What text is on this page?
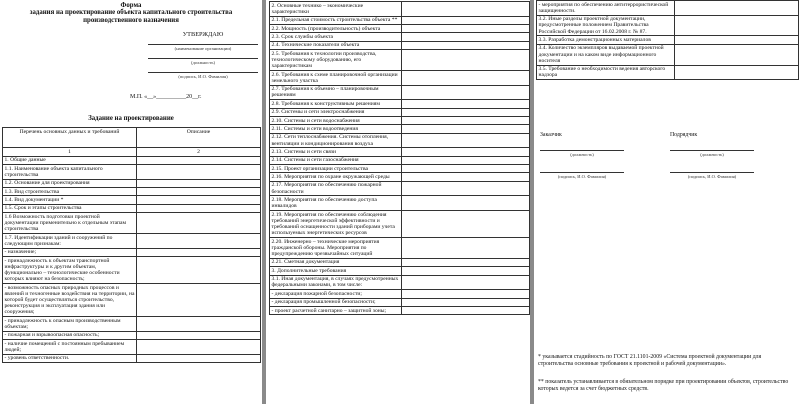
Форма
задания на проектирование объекта капитального строительства
производственного назначения
УТВЕРЖДАЮ
(наименование организации)
(должность)
(подпись, И.О. Фамилия)
М.П. «__»__________20__г.
Задание на проектирование
Перечень основных данных и требований	Описание
1	2
1. Общие данные	
1.1. Наименование объекта капитального строительства	
1.2. Основание для проектирования	
1.3. Вид строительства	
1.4. Вид документации *	
1.5. Срок и этапы строительства	
1.6 Возможность подготовки проектной документации применительно к отдельным этапам строительства	
1.7. Идентификации зданий и сооружений по следующим признакам:	
- назначение;	
- принадлежность к объектам транспортной инфраструктуры и к другим объектам, функционально – технологические особенности которых влияют на безопасность;	
- возможность опасных природных процессов и явлений и техногенные воздействия на территории, на которой будет осуществляться строительство, реконструкция и эксплуатация здания или сооружения;	
- принадлежность к опасным производственным объектам;	
- пожарная и взрывоопасная опасность;	
- наличие помещений с постоянным пребыванием людей;	
- уровень ответственности.	
2. Основные технико – экономические характеристики	
2.1. Предельная стоимость строительства объекта **	
2.2. Мощность (производительность) объекта	
2.3. Срок службы объекта	
2.4. Технические показатели объекта	
2.5. Требования к технологии производства, технологическому оборудованию, его характеристикам	
2.6. Требования к схеме планировочной организации земельного участка	
2.7. Требования к объемно – планировочным решениям	
2.8. Требования к конструктивным решениям	
2.9. Системы и сети электроснабжения	
2.10. Системы и сети водоснабжения	
2.11. Системы и сети водоотведения	
2.12. Сети теплоснабжения. Системы отопления, вентиляции и кондиционирования воздуха	
2.13. Системы и сети связи	
2.14. Системы и сети газоснабжения	
2.15. Проект организации строительства	
2.16. Мероприятия по охране окружающей среды	
2.17. Мероприятия по обеспечению пожарной безопасности	
2.18. Мероприятия по обеспечению доступа инвалидов	
2.19. Мероприятия по обеспечению соблюдения требований энергетической эффективности и требований оснащенности зданий приборами учета используемых энергетических ресурсов	
2.20. Инженерно – технические мероприятия гражданской обороны. Мероприятия по предупреждению чрезвычайных ситуаций	
2.21. Сметная документация	
3. Дополнительные требования	
3.1. Иная документация, в случаях предусмотренных федеральными законами, в том числе:	
- декларация пожарной безопасности;	
- декларация промышленной безопасности;	
- проект расчетной санитарно – защитной зоны;	
- мероприятия по обеспечению антитеррористической защищенности.	
3.2. Иные разделы проектной документации, предусмотренные положением Правительства Российской Федерации от 16.02.2008 г. № 87.	
3.3. Разработка демонстрационных материалов	
3.4. Количество экземпляров выдаваемой проектной документации и на каком виде информационного носителя	
3.5. Требование о необходимости ведения авторского надзора	
Заказчик	Подрядчик
(должность)	(должность)
(подпись, И.О. Фамилия)	(подпись, И.О. Фамилия)
* указывается стадийность по ГОСТ 21.1101-2009 «Система проектной документации для строительства основные требования к проектной и рабочей документации».
** показатель устанавливается в обязательном порядке при проектировании объектов, строительство которых ведется за счет бюджетных средств.
